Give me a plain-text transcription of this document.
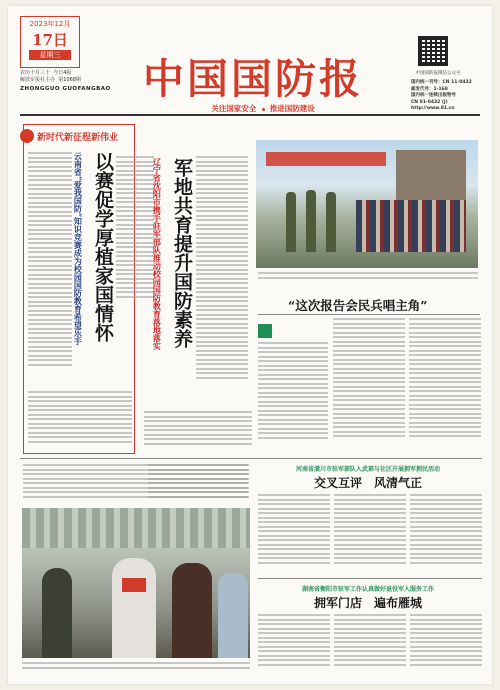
2023年12月
17日
星期三
农历十月三十 今日4版
解放军报社主办 第1068期
ZHONGGUO GUOFANGBAO 中国国防报
关注国家安全 推进国防建设
中国国防报微信公众号
国内统一刊号：CN 11-0432
邮发代号：1-168
国内统一连续出版物号
CN 01-0432 (J)
http://www.81.cn
新时代新征程新伟业
以赛促学厚植家国情怀
云南省“爱我国防”知识竞赛成为校园国防教育希望乐手	军地共育提升国防素养
辽宁省沈阳市携手驻军部队推动校园国防教育落地落实	“这次报告会民兵唱主角”
河南省潢川市驻军部队人武部与社区开展拥军拥民活动
交叉互评　风清气正
湖南省衡阳市驻军工作认真做好退役军人服务工作
拥军门店　遍布雁城
